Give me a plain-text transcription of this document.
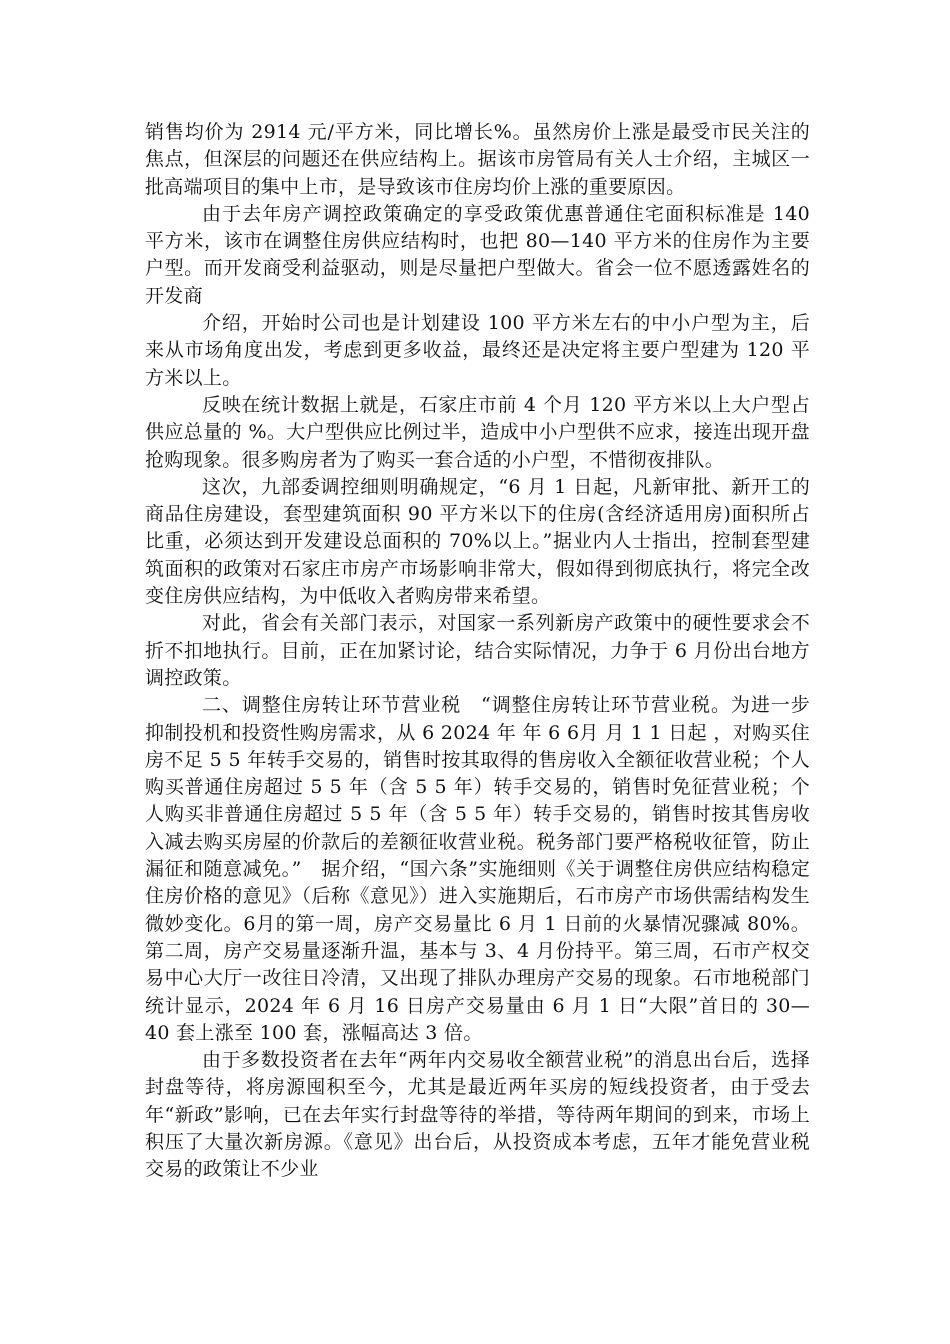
销售均价为 2914 元/平方米，同比增长%。虽然房价上涨是最受市民关注的焦点，但深层的问题还在供应结构上。据该市房管局有关人士介绍，主城区一批高端项目的集中上市，是导致该市住房均价上涨的重要原因。

由于去年房产调控政策确定的享受政策优惠普通住宅面积标准是 140 平方米，该市在调整住房供应结构时，也把 80—140 平方米的住房作为主要户型。而开发商受利益驱动，则是尽量把户型做大。省会一位不愿透露姓名的开发商

介绍，开始时公司也是计划建设 100 平方米左右的中小户型为主，后来从市场角度出发，考虑到更多收益，最终还是决定将主要户型建为 120 平方米以上。

反映在统计数据上就是，石家庄市前 4 个月 120 平方米以上大户型占供应总量的 %。大户型供应比例过半，造成中小户型供不应求，接连出现开盘抢购现象。很多购房者为了购买一套合适的小户型，不惜彻夜排队。

这次，九部委调控细则明确规定，“6 月 1 日起，凡新审批、新开工的商品住房建设，套型建筑面积 90 平方米以下的住房(含经济适用房)面积所占比重，必须达到开发建设总面积的 70%以上。”据业内人士指出，控制套型建筑面积的政策对石家庄市房产市场影响非常大，假如得到彻底执行，将完全改变住房供应结构，为中低收入者购房带来希望。

对此，省会有关部门表示，对国家一系列新房产政策中的硬性要求会不折不扣地执行。目前，正在加紧讨论，结合实际情况，力争于 6 月份出台地方调控政策。

二、调整住房转让环节营业税　“调整住房转让环节营业税。为进一步抑制投机和投资性购房需求，从 6 2024 年 年 6 6月 月 1 1 日起 ，对购买住房不足 5 5 年转手交易的，销售时按其取得的售房收入全额征收营业税；个人购买普通住房超过 5 5 年（含 5 5 年）转手交易的，销售时免征营业税；个人购买非普通住房超过 5 5 年（含 5 5 年）转手交易的，销售时按其售房收入减去购买房屋的价款后的差额征收营业税。税务部门要严格税收征管，防止漏征和随意减免。”　据介绍，“国六条”实施细则《关于调整住房供应结构稳定住房价格的意见》（后称《意见》）进入实施期后，石市房产市场供需结构发生微妙变化。6月的第一周，房产交易量比 6 月 1 日前的火暴情况骤减 80%。第二周，房产交易量逐渐升温，基本与 3、4 月份持平。第三周，石市产权交易中心大厅一改往日冷清，又出现了排队办理房产交易的现象。石市地税部门统计显示，2024 年 6 月 16 日房产交易量由 6 月 1 日“大限”首日的 30—40 套上涨至 100 套，涨幅高达 3 倍。

由于多数投资者在去年“两年内交易收全额营业税”的消息出台后，选择封盘等待，将房源囤积至今，尤其是最近两年买房的短线投资者，由于受去年“新政”影响，已在去年实行封盘等待的举措，等待两年期间的到来，市场上积压了大量次新房源。《意见》出台后，从投资成本考虑，五年才能免营业税交易的政策让不少业
